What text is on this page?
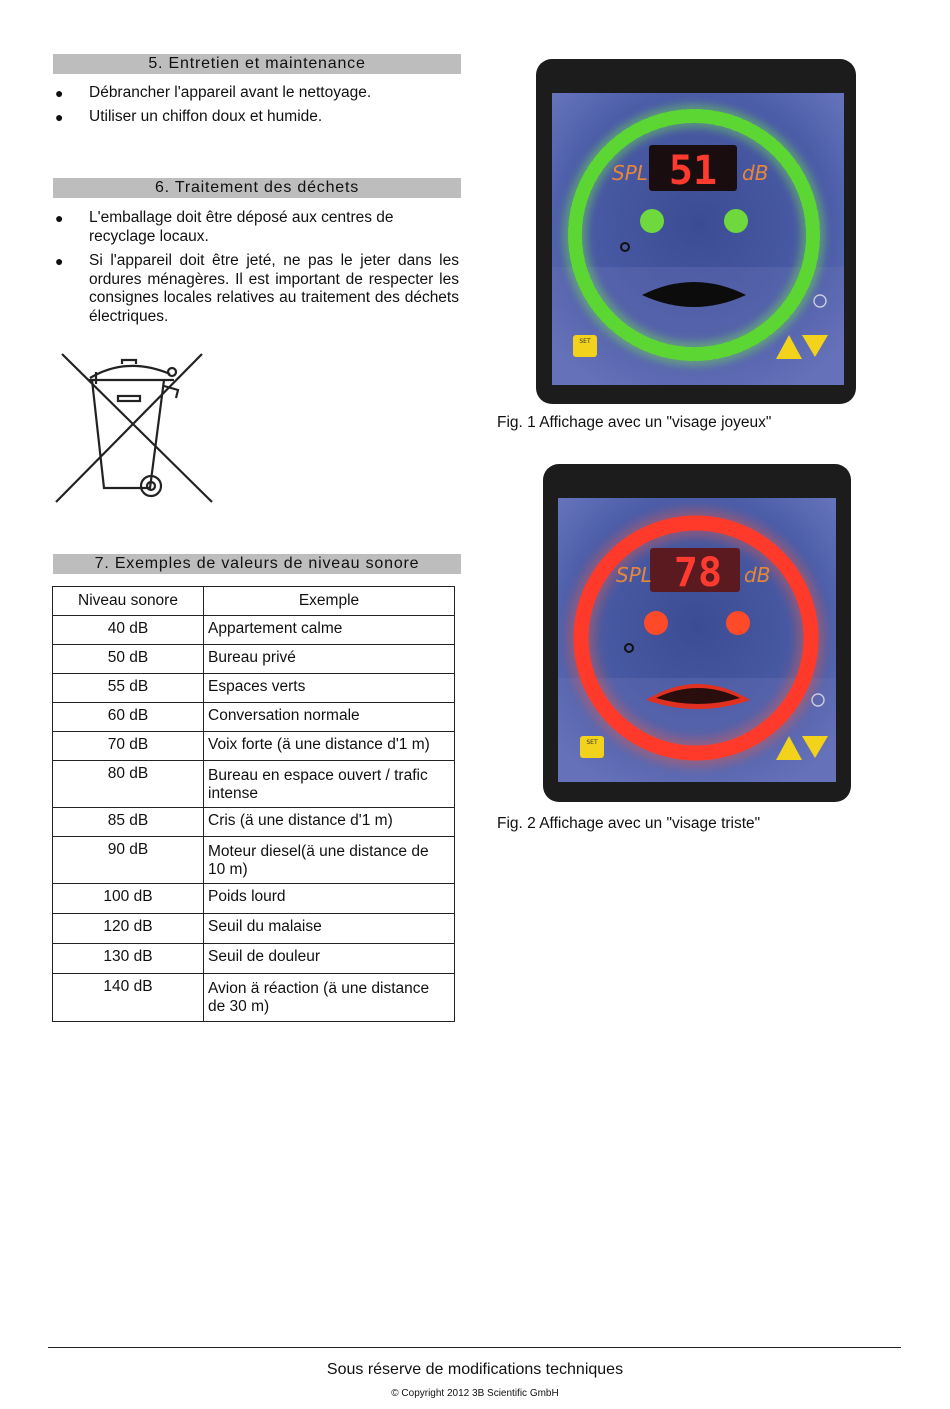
5. Entretien et maintenance
● Débrancher l'appareil avant le nettoyage.
● Utiliser un chiffon doux et humide.
6. Traitement des déchets
● L'emballage doit être déposé aux centres de recyclage locaux.
● Si l'appareil doit être jeté, ne pas le jeter dans les ordures ménagères. Il est important de respecter les consignes locales relatives au traitement des déchets électriques.
7. Exemples de valeurs de niveau sonore
Niveau sonore	Exemple
40 dB	Appartement calme
50 dB	Bureau privé
55 dB	Espaces verts
60 dB	Conversation normale
70 dB	Voix forte (ä une distance d'1 m)
80 dB	Bureau en espace ouvert / trafic intense
85 dB	Cris (ä une distance d'1 m)
90 dB	Moteur diesel(ä une distance de 10 m)
100 dB	Poids lourd
120 dB	Seuil du malaise
130 dB	Seuil de douleur
140 dB	Avion ä réaction (ä une distance de 30 m)
51
SPL	dB
SET
Fig. 1 Affichage avec un "visage joyeux"
78
SPL	dB
SET
Fig. 2 Affichage avec un "visage triste"
Sous réserve de modifications techniques
© Copyright 2012 3B Scientific GmbH
